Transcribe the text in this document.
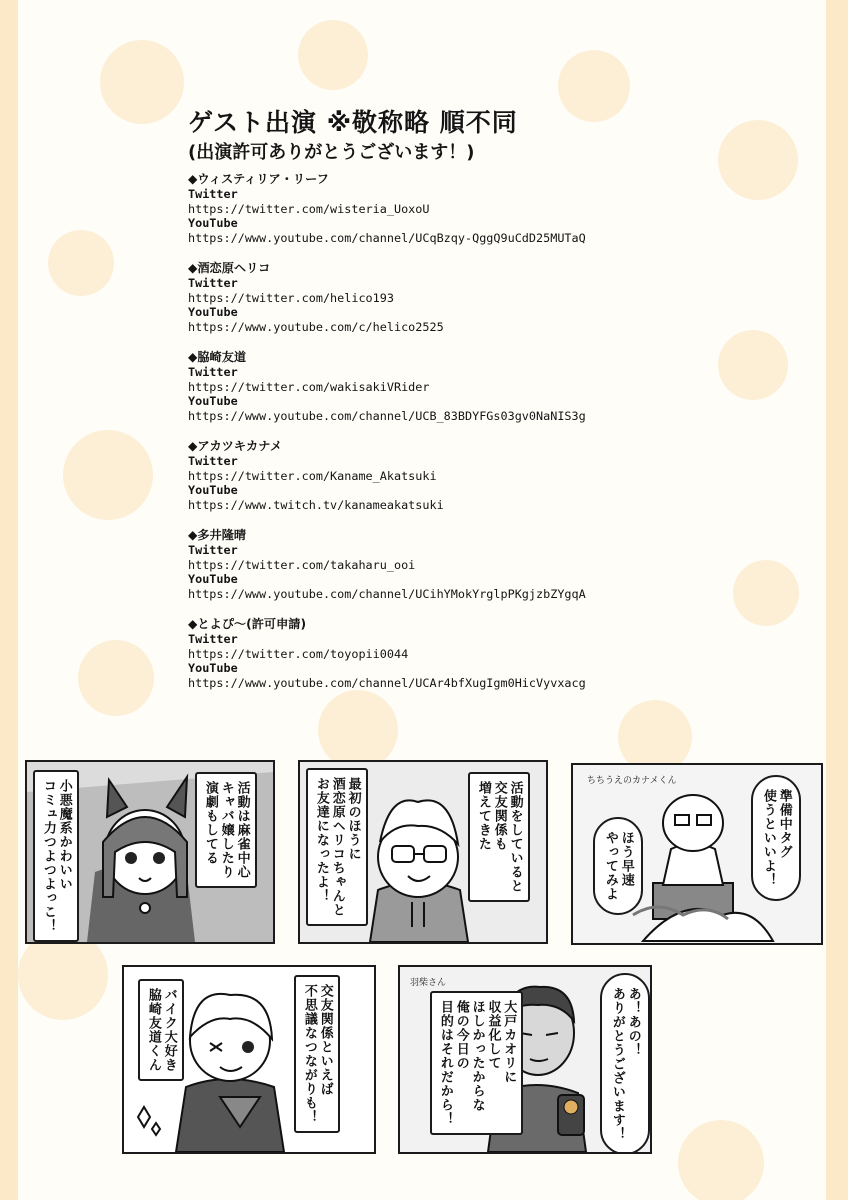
ゲスト出演 ※敬称略 順不同

(出演許可ありがとうございます！)

◆ウィスティリア・リーフ
Twitter
https://twitter.com/wisteria_UoxoU
YouTube
https://www.youtube.com/channel/UCqBzqy-QggQ9uCdD25MUTaQ
◆酒恋原ヘリコ
Twitter
https://twitter.com/helico193
YouTube
https://www.youtube.com/c/helico2525
◆脇崎友道
Twitter
https://twitter.com/wakisakiVRider
YouTube
https://www.youtube.com/channel/UCB_83BDYFGs03gv0NaNIS3g
◆アカツキカナメ
Twitter
https://twitter.com/Kaname_Akatsuki
YouTube
https://www.twitch.tv/kanameakatsuki
◆多井隆晴
Twitter
https://twitter.com/takaharu_ooi
YouTube
https://www.youtube.com/channel/UCihYMokYrglpPKgjzbZYgqA
◆とよぴ〜(許可申請)
Twitter
https://twitter.com/toyopii0044
YouTube
https://www.youtube.com/channel/UCAr4bfXugIgm0HicVyvxacg
活動は麻雀中心
キャバ嬢したり
演劇もしてる
小悪魔系かわいい
コミュ力つよつよっこ！	活動をしていると
交友関係も
増えてきた
最初のほうに
酒恋原ヘリコちゃんと
お友達になったよ！	ちちうえのカナメくん
準備中タグ
使うといいよ！
ほう早速
やってみよ
交友関係といえば
不思議なつながりも！
バイク大好き
脇崎友道くん
羽柴さん
大戸カオリに
収益化して
ほしかったからな
俺の今日の
目的はそれだから！	あ！あの！
ありがとうございます！
